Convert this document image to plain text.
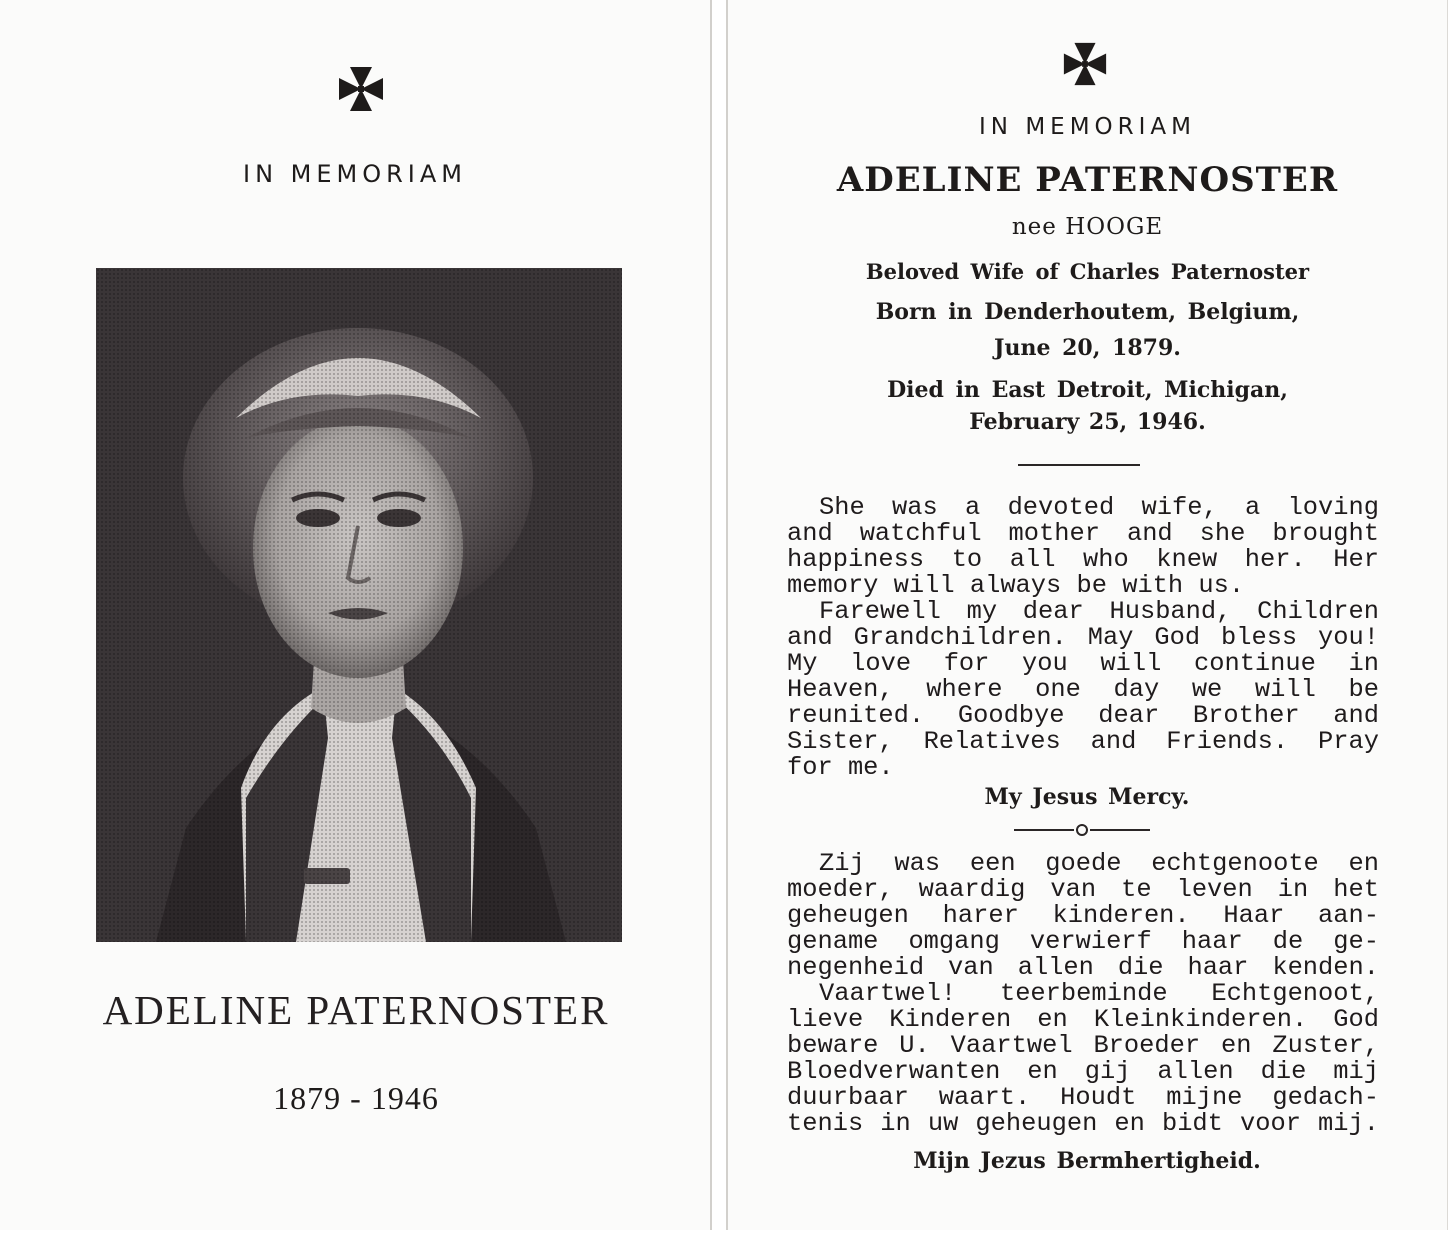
IN MEMORIAM

ADELINE PATERNOSTER

1879 - 1946

IN MEMORIAM

ADELINE PATERNOSTER

nee HOOGE

Beloved Wife of Charles Paternoster

Born in Denderhoutem, Belgium,

June 20, 1879.

Died in East Detroit, Michigan,

February 25, 1946.

She was a devoted wife, a loving
and watchful mother and she brought
happiness to all who knew her. Her
memory will always be with us.
Farewell my dear Husband, Children
and Grandchildren. May God bless you!
My love for you will continue in
Heaven, where one day we will be
reunited. Goodbye dear Brother and
Sister, Relatives and Friends. Pray
for me.

My Jesus Mercy.

Zij was een goede echtgenoote en
moeder, waardig van te leven in het
geheugen harer kinderen. Haar aan-
gename omgang verwierf haar de ge-
negenheid van allen die haar kenden.
Vaartwel! teerbeminde Echtgenoot,
lieve Kinderen en Kleinkinderen. God
beware U. Vaartwel Broeder en Zuster,
Bloedverwanten en gij allen die mij
duurbaar waart. Houdt mijne gedach-
tenis in uw geheugen en bidt voor mij.

Mijn Jezus Bermhertigheid.
